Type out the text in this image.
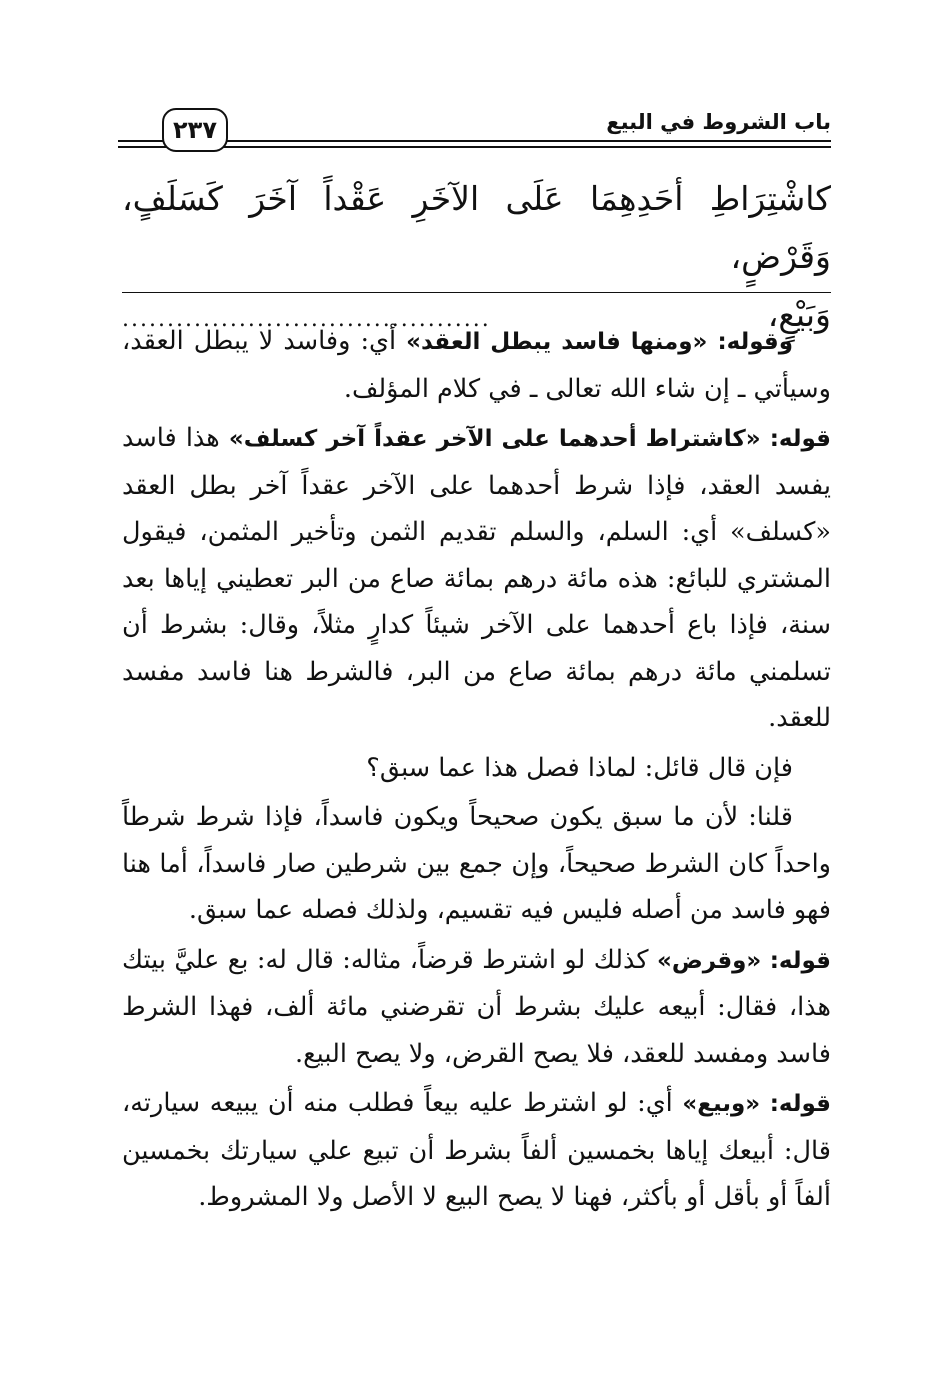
باب الشروط في البيع
٢٣٧
كاشْتِرَاطِ أحَدِهِمَا عَلَى الآخَرِ عَقْداً آخَرَ كَسَلَفٍ، وَقَرْضٍ،
وَبَيْعٍ،
.........................................

وقوله: «ومنها فاسد يبطل العقد» أي: وفاسد لا يبطل العقد، وسيأتي ـ إن شاء الله تعالى ـ في كلام المؤلف.

قوله: «كاشتراط أحدهما على الآخر عقداً آخر كسلف» هذا فاسد يفسد العقد، فإذا شرط أحدهما على الآخر عقداً آخر بطل العقد «كسلف» أي: السلم، والسلم تقديم الثمن وتأخير المثمن، فيقول المشتري للبائع: هذه مائة درهم بمائة صاع من البر تعطيني إياها بعد سنة، فإذا باع أحدهما على الآخر شيئاً كدارٍ مثلاً، وقال: بشرط أن تسلمني مائة درهم بمائة صاع من البر، فالشرط هنا فاسد مفسد للعقد.

فإن قال قائل: لماذا فصل هذا عما سبق؟

قلنا: لأن ما سبق يكون صحيحاً ويكون فاسداً، فإذا شرط شرطاً واحداً كان الشرط صحيحاً، وإن جمع بين شرطين صار فاسداً، أما هنا فهو فاسد من أصله فليس فيه تقسيم، ولذلك فصله عما سبق.

قوله: «وقرض» كذلك لو اشترط قرضاً، مثاله: قال له: بع عليَّ بيتك هذا، فقال: أبيعه عليك بشرط أن تقرضني مائة ألف، فهذا الشرط فاسد ومفسد للعقد، فلا يصح القرض، ولا يصح البيع.

قوله: «وبيع» أي: لو اشترط عليه بيعاً فطلب منه أن يبيعه سيارته، قال: أبيعك إياها بخمسين ألفاً بشرط أن تبيع علي سيارتك بخمسين ألفاً أو بأقل أو بأكثر، فهنا لا يصح البيع لا الأصل ولا المشروط.
